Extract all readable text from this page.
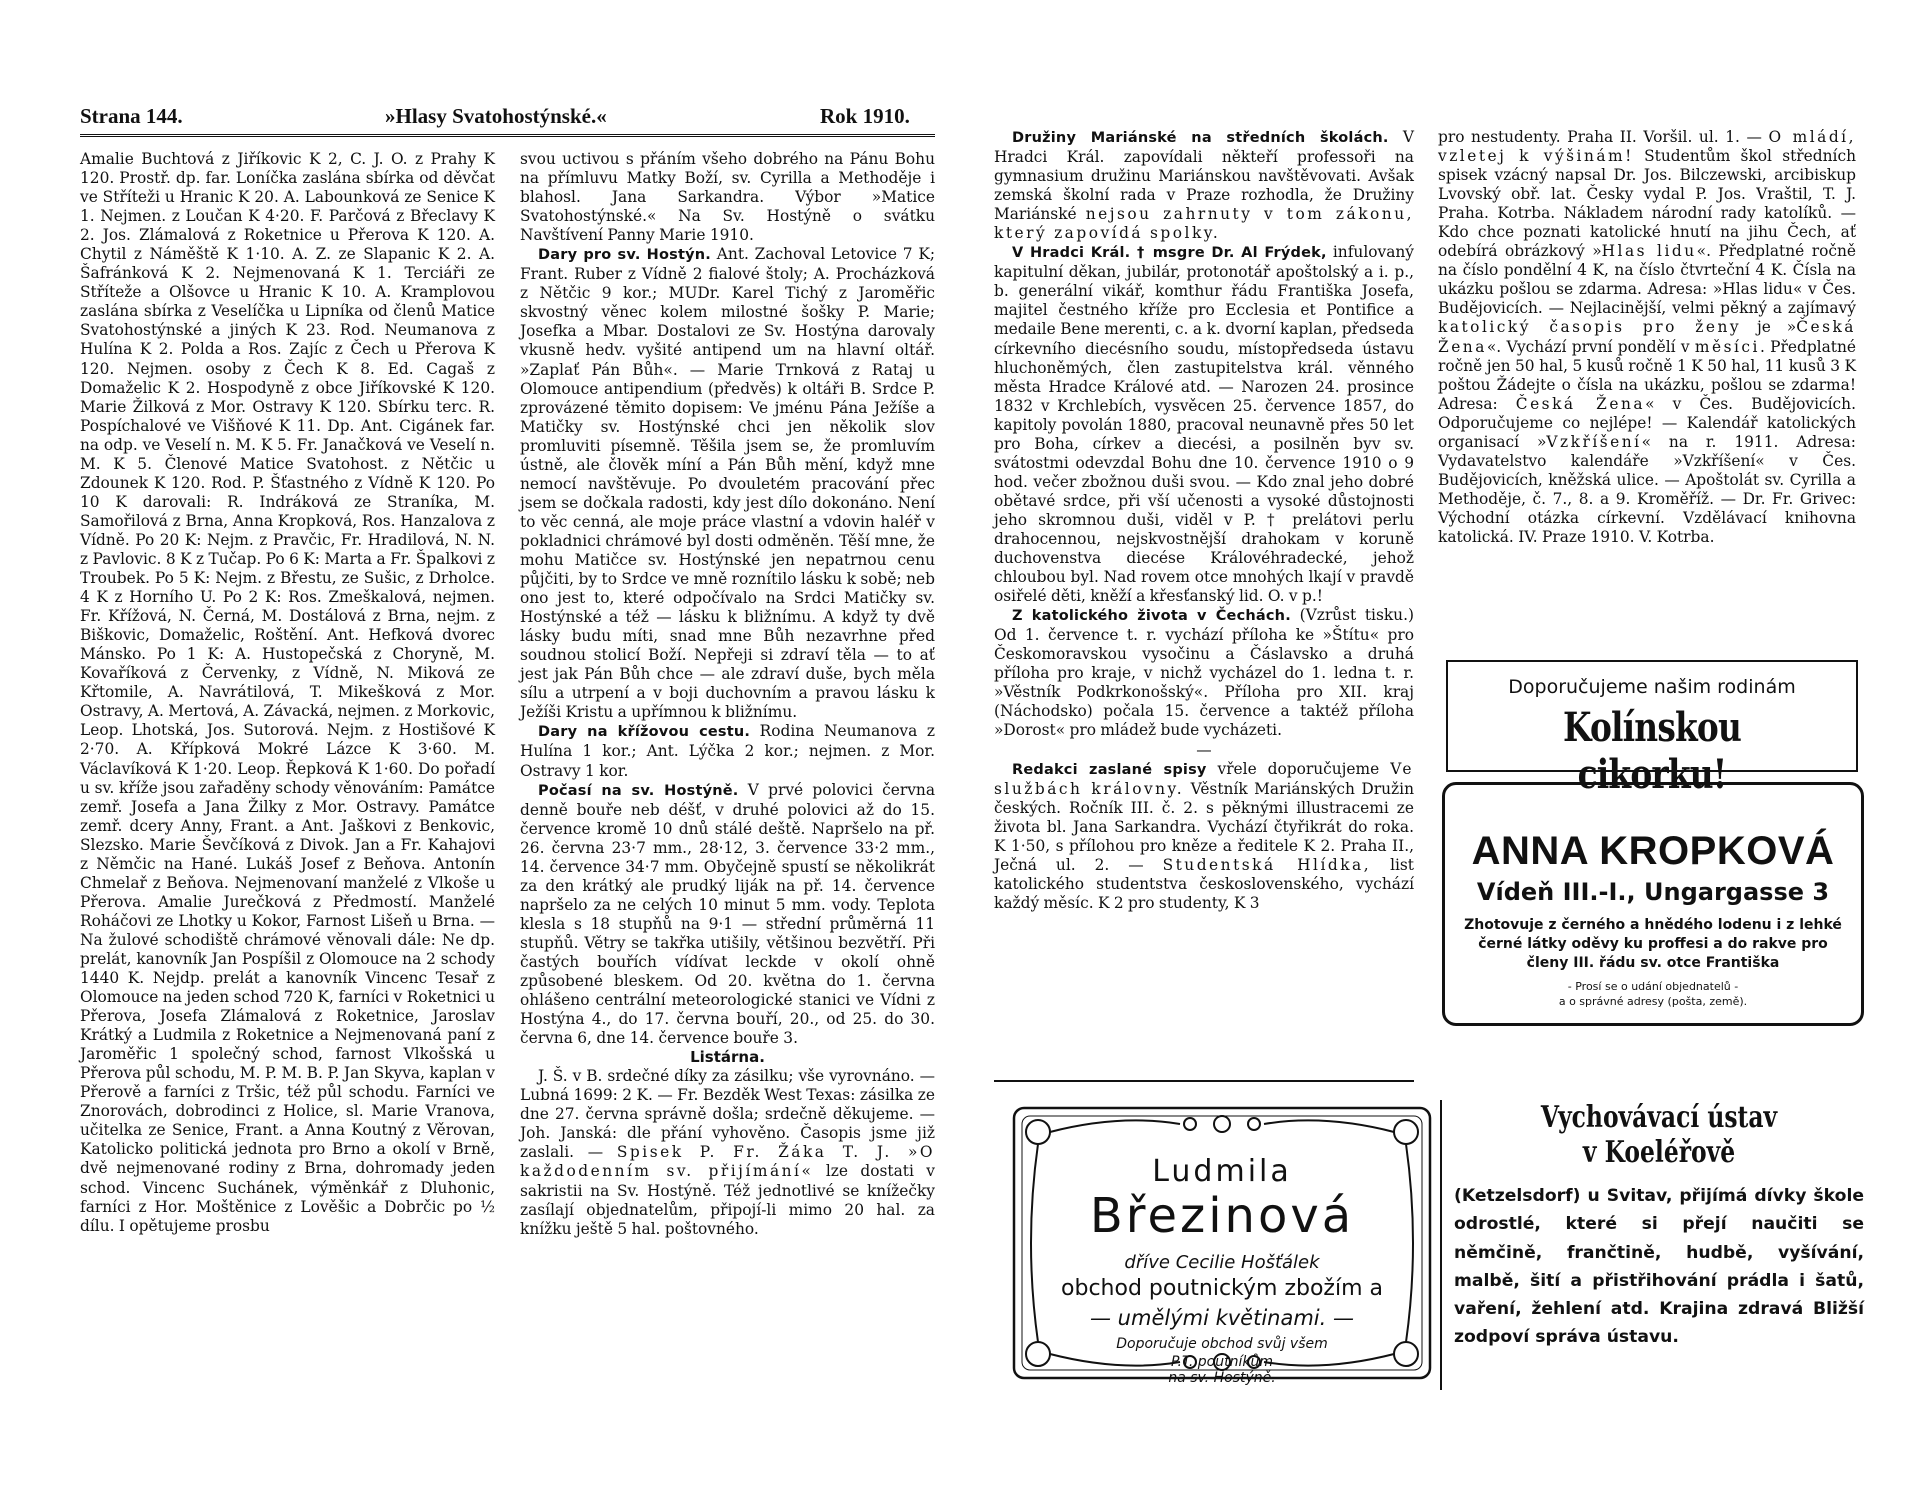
Strana 144.	»Hlasy Svatohostýnské.«	Rok 1910.

Amalie Buchtová z Jiříkovic K 2, C. J. O. z Prahy K 120. Prostř. dp. far. Loníčka zaslána sbírka od děvčat ve Stříteži u Hranic K 20. A. Labounková ze Senice K 1. Nejmen. z Loučan K 4·20. F. Parčová z Břeclavy K 2. Jos. Zlámalová z Roketnice u Přerova K 120. A. Chytil z Náměště K 1·10. A. Z. ze Slapanic K 2. A. Šafránková K 2. Nejmenovaná K 1. Terciáři ze Stříteže a Olšovce u Hranic K 10. A. Kramplovou zaslána sbírka z Veselíčka u Lipníka od členů Matice Svatohostýnské a jiných K 23. Rod. Neumanova z Hulína K 2. Polda a Ros. Zajíc z Čech u Přerova K 120. Nejmen. osoby z Čech K 8. Ed. Cagaš z Domaželic K 2. Hospodyně z obce Jiříkovské K 120. Marie Žilková z Mor. Ostravy K 120. Sbírku terc. R. Pospíchalové ve Višňové K 11. Dp. Ant. Cigánek far. na odp. ve Veselí n. M. K 5. Fr. Janačková ve Veselí n. M. K 5. Členové Matice Svatohost. z Nětčic u Zdounek K 120. Rod. P. Šťastného z Vídně K 120. Po 10 K darovali: R. Indráková ze Straníka, M. Samořilová z Brna, Anna Kropková, Ros. Hanzalova z Vídně. Po 20 K: Nejm. z Pravčic, Fr. Hradilová, N. N. z Pavlovic. 8 K z Tučap. Po 6 K: Marta a Fr. Špalkovi z Troubek. Po 5 K: Nejm. z Břestu, ze Sušic, z Drholce. 4 K z Horního U. Po 2 K: Ros. Zmeškalová, nejmen. Fr. Křížová, N. Černá, M. Dostálová z Brna, nejm. z Biškovic, Domaželic, Roštění. Ant. Hefková dvorec Mánsko. Po 1 K: A. Hustopečská z Choryně, M. Kovaříková z Červenky, z Vídně, N. Miková ze Křtomile, A. Navrátilová, T. Mikešková z Mor. Ostravy, A. Mertová, A. Závacká, nejmen. z Morkovic, Leop. Lhotská, Jos. Sutorová. Nejm. z Hostišové K 2·70. A. Křípková Mokré Lázce K 3·60. M. Václavíková K 1·20. Leop. Řepková K 1·60. Do pořadí u sv. kříže jsou zařaděny schody věnováním: Památce zemř. Josefa a Jana Žilky z Mor. Ostravy. Památce zemř. dcery Anny, Frant. a Ant. Jaškovi z Benkovic, Slezsko. Marie Ševčíková z Divok. Jan a Fr. Kahajovi z Němčic na Hané. Lukáš Josef z Beňova. Antonín Chmelař z Beňova. Nejmenovaní manželé z Vlkoše u Přerova. Amalie Jurečková z Předmostí. Manželé Roháčovi ze Lhotky u Kokor, Farnost Lišeň u Brna. — Na žulové schodiště chrámové věnovali dále: Ne dp. prelát, kanovník Jan Pospíšil z Olomouce na 2 schody 1440 K. Nejdp. prelát a kanovník Vincenc Tesař z Olomouce na jeden schod 720 K, farníci v Roketnici u Přerova, Josefa Zlámalová z Roketnice, Jaroslav Krátký a Ludmila z Roketnice a Nejmenovaná paní z Jaroměřic 1 společný schod, farnost Vlkošská u Přerova půl schodu, M. P. M. B. P. Jan Skyva, kaplan v Přerově a farníci z Tršic, též půl schodu. Farníci ve Znorovách, dobrodinci z Holice, sl. Marie Vranova, učitelka ze Senice, Frant. a Anna Koutný z Věrovan, Katolicko politická jednota pro Brno a okolí v Brně, dvě nejmenované rodiny z Brna, dohromady jeden schod. Vincenc Suchánek, výměnkář z Dluhonic, farníci z Hor. Moštěnice z Lověšic a Dobrčic po ½ dílu. I opětujeme prosbu

svou uctivou s přáním všeho dobrého na Pánu Bohu na přímluvu Matky Boží, sv. Cyrilla a Methoděje i blahosl. Jana Sarkandra. Výbor »Matice Svatohostýnské.« Na Sv. Hostýně o svátku Navštívení Panny Marie 1910.

Dary pro sv. Hostýn. Ant. Zachoval Letovice 7 K; Frant. Ruber z Vídně 2 fialové štoly; A. Procházková z Nětčic 9 kor.; MUDr. Karel Tichý z Jaroměřic skvostný věnec kolem milostné šošky P. Marie; Josefka a Mbar. Dostalovi ze Sv. Hostýna darovaly vkusně hedv. vyšité antipend um na hlavní oltář. »Zaplať Pán Bůh«. — Marie Trnková z Rataj u Olomouce antipendium (předvěs) k oltáři B. Srdce P. zprovázené těmito dopisem: Ve jménu Pána Ježíše a Matičky sv. Hostýnské chci jen několik slov promluviti písemně. Těšila jsem se, že promluvím ústně, ale člověk míní a Pán Bůh mění, když mne nemocí navštěvuje. Po dvouletém pracování přec jsem se dočkala radosti, kdy jest dílo dokonáno. Není to věc cenná, ale moje práce vlastní a vdovin haléř v pokladnici chrámové byl dosti odměněn. Těší mne, že mohu Matičce sv. Hostýnské jen nepatrnou cenu půjčiti, by to Srdce ve mně roznítilo lásku k sobě; neb ono jest to, které odpočívalo na Srdci Matičky sv. Hostýnské a též — lásku k bližnímu. A když ty dvě lásky budu míti, snad mne Bůh nezavrhne před soudnou stolicí Boží. Nepřeji si zdraví těla — to ať jest jak Pán Bůh chce — ale zdraví duše, bych měla sílu a utrpení a v boji duchovním a pravou lásku k Ježíši Kristu a upřímnou k bližnímu.

Dary na křížovou cestu. Rodina Neumanova z Hulína 1 kor.; Ant. Lýčka 2 kor.; nejmen. z Mor. Ostravy 1 kor.

Počasí na sv. Hostýně. V prvé polovici června denně bouře neb déšť, v druhé polovici až do 15. července kromě 10 dnů stálé deště. Napršelo na př. 26. června 23·7 mm., 28·12, 3. července 33·2 mm., 14. července 34·7 mm. Obyčejně spustí se několikrát za den krátký ale prudký liják na př. 14. července napršelo za ne celých 10 minut 5 mm. vody. Teplota klesla s 18 stupňů na 9·1 — střední průměrná 11 stupňů. Větry se takřka utišily, většinou bezvětří. Při častých bouřích vídívat leckde v okolí ohně způsobené bleskem. Od 20. května do 1. června ohlášeno centrální meteorologické stanici ve Vídni z Hostýna 4., do 17. června bouří, 20., od 25. do 30. června 6, dne 14. července bouře 3.

Listárna.

J. Š. v B. srdečné díky za zásilku; vše vyrovnáno. — Lubná 1699: 2 K. — Fr. Bezděk West Texas: zásilka ze dne 27. června správně došla; srdečně děkujeme. — Joh. Janská: dle přání vyhověno. Časopis jsme již zaslali. — Spisek P. Fr. Žáka T. J. »O každodenním sv. přijímání« lze dostati v sakristii na Sv. Hostýně. Též jednotlivé se knížečky zasílají objednatelům, připojí-li mimo 20 hal. za knížku ještě 5 hal. poštovného.

Družiny Mariánské na středních školách. V Hradci Král. zapovídali někteří professoři na gymnasium družinu Mariánskou navštěvovati. Avšak zemská školní rada v Praze rozhodla, že Družiny Mariánské nejsou zahrnuty v tom zákonu, který zapovídá spolky.

V Hradci Král. † msgre Dr. Al Frýdek, infulovaný kapitulní děkan, jubilár, protonotář apoštolský a i. p., b. generální vikář, komthur řádu Františka Josefa, majitel čestného kříže pro Ecclesia et Pontifice a medaile Bene merenti, c. a k. dvorní kaplan, předseda církevního diecésního soudu, místopředseda ústavu hluchoněmých, člen zastupitelstva král. věnného města Hradce Králové atd. — Narozen 24. prosince 1832 v Krchlebích, vysvěcen 25. července 1857, do kapitoly povolán 1880, pracoval neunavně přes 50 let pro Boha, církev a diecési, a posilněn byv sv. svátostmi odevzdal Bohu dne 10. července 1910 o 9 hod. večer zbožnou duši svou. — Kdo znal jeho dobré obětavé srdce, při vší učenosti a vysoké důstojnosti jeho skromnou duši, viděl v P. † prelátovi perlu drahocennou, nejskvostnější drahokam v koruně duchovenstva diecése Královéhradecké, jehož chloubou byl. Nad rovem otce mnohých lkají v pravdě osiřelé děti, kněží a křesťanský lid. O. v p.!

Z katolického života v Čechách. (Vzrůst tisku.) Od 1. července t. r. vychází příloha ke »Štítu« pro Českomoravskou vysočinu a Čáslavsko a druhá příloha pro kraje, v nichž vycházel do 1. ledna t. r. »Věstník Podkrkonošský«. Příloha pro XII. kraj (Náchodsko) počala 15. července a taktéž příloha »Dorost« pro mládež bude vycházeti.

—

Redakci zaslané spisy vřele doporučujeme Ve službách královny. Věstník Mariánských Družin českých. Ročník III. č. 2. s pěknými illustracemi ze života bl. Jana Sarkandra. Vychází čtyřikrát do roka. K 1·50, s přílohou pro kněze a ředitele K 2. Praha II., Ječná ul. 2. — Studentská Hlídka, list katolického studentstva československého, vychází každý měsíc. K 2 pro studenty, K 3

pro nestudenty. Praha II. Voršil. ul. 1. — O mládí, vzletej k výšinám! Studentům škol středních spisek vzácný napsal Dr. Jos. Bilczewski, arcibiskup Lvovský obř. lat. Česky vydal P. Jos. Vraštil, T. J. Praha. Kotrba. Nákladem národní rady katolíků. — Kdo chce poznati katolické hnutí na jihu Čech, ať odebírá obrázkový »Hlas lidu«. Předplatné ročně na číslo pondělní 4 K, na číslo čtvrteční 4 K. Čísla na ukázku pošlou se zdarma. Adresa: »Hlas lidu« v Čes. Budějovicích. — Nejlacinější, velmi pěkný a zajímavý katolický časopis pro ženy je »Česká Žena«. Vychází první pondělí v měsíci. Předplatné ročně jen 50 hal, 5 kusů ročně 1 K 50 hal, 11 kusů 3 K poštou Žádejte o čísla na ukázku, pošlou se zdarma! Adresa: Česká Žena« v Čes. Budějovicích. Odporučujeme co nejlépe! — Kalendář katolických organisací »Vzkříšení« na r. 1911. Adresa: Vydavatelstvo kalendáře »Vzkříšení« v Čes. Budějovicích, kněžská ulice. — Apoštolát sv. Cyrilla a Methoděje, č. 7., 8. a 9. Kroměříž. — Dr. Fr. Grivec: Východní otázka církevní. Vzdělávací knihovna katolická. IV. Praze 1910. V. Kotrba.

Doporučujeme našim rodinám
Kolínskou cikorku!
ANNA KROPKOVÁ
Vídeň III.-I., Ungargasse 3
Zhotovuje z černého a hnědého lodenu i z lehké černé látky oděvy ku proffesi a do rakve pro členy III. řádu sv. otce Františka
- Prosí se o udání objednatelů -
a o správné adresy (pošta, země).
Ludmila
Březinová
dříve Cecilie Hošťálek
obchod poutnickým zbožím a
— umělými květinami. —
Doporučuje obchod svůj všem
P.T. poutníkům
na sv. Hostýně.
Vychovávací ústav
v Koeléřově
(Ketzelsdorf) u Svitav, přijímá dívky škole odrostlé, které si přejí naučiti se němčině, frančtině, hudbě, vyšívání, malbě, šití a přistřihování prádla i šatů, vaření, žehlení atd. Krajina zdravá Bližší zodpoví správa ústavu.
